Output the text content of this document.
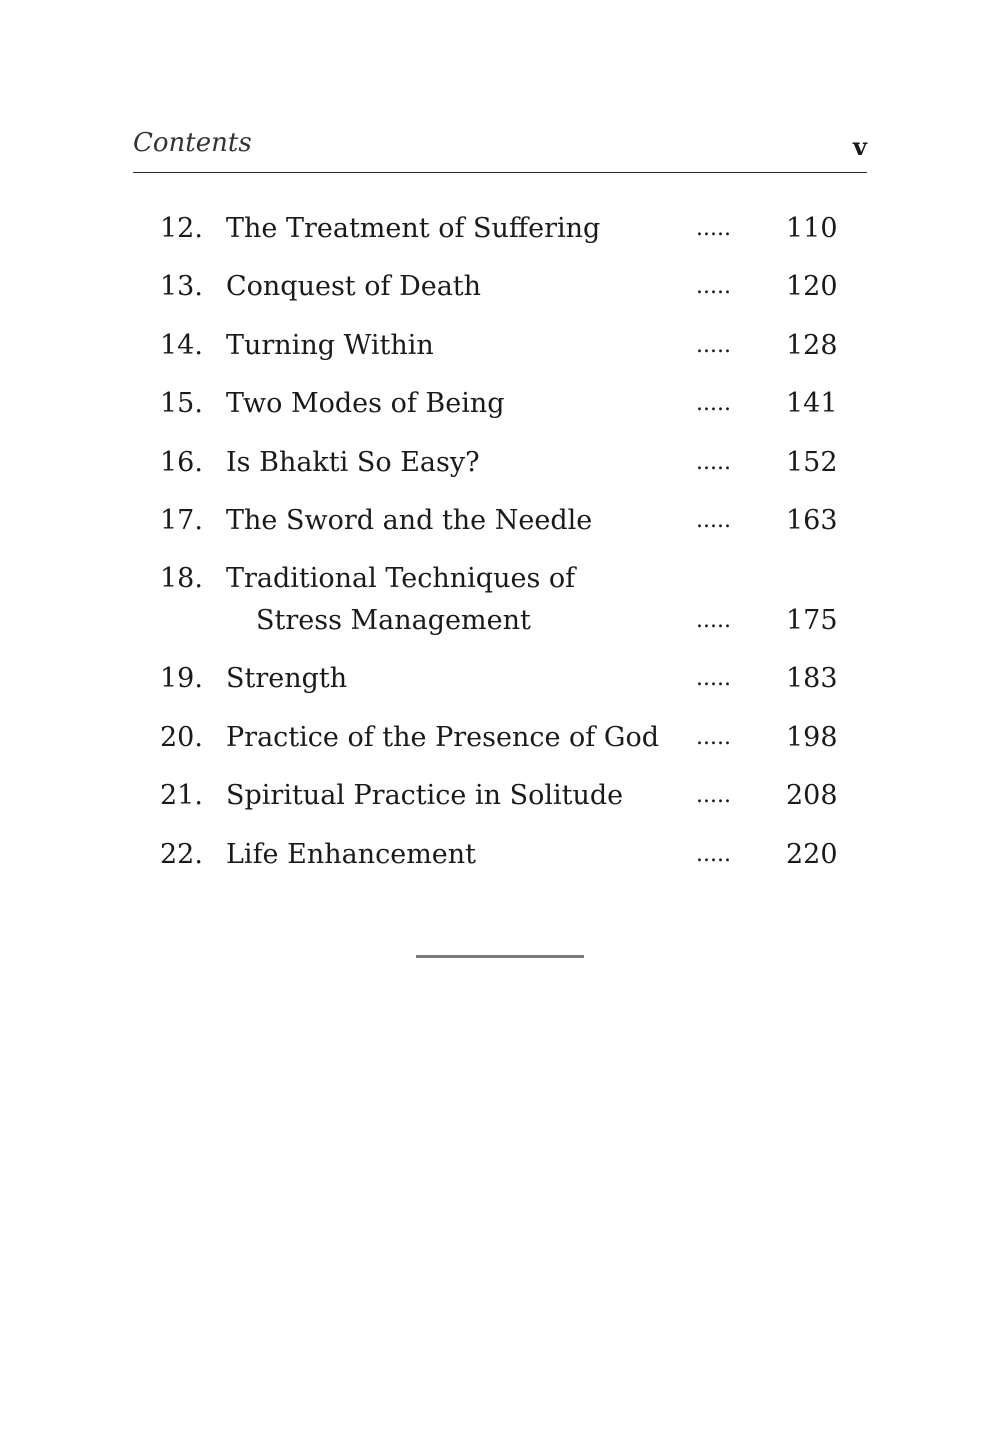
Contents	v
12. The Treatment of Suffering	..... 110
13. Conquest of Death	..... 120
14. Turning Within	..... 128
15. Two Modes of Being	..... 141
16. Is Bhakti So Easy?	..... 152
17. The Sword and the Needle	..... 163
18. Traditional Techniques of
Stress Management	..... 175
19. Strength	..... 183
20. Practice of the Presence of God ..... 198
21. Spiritual Practice in Solitude	..... 208
22. Life Enhancement	..... 220
